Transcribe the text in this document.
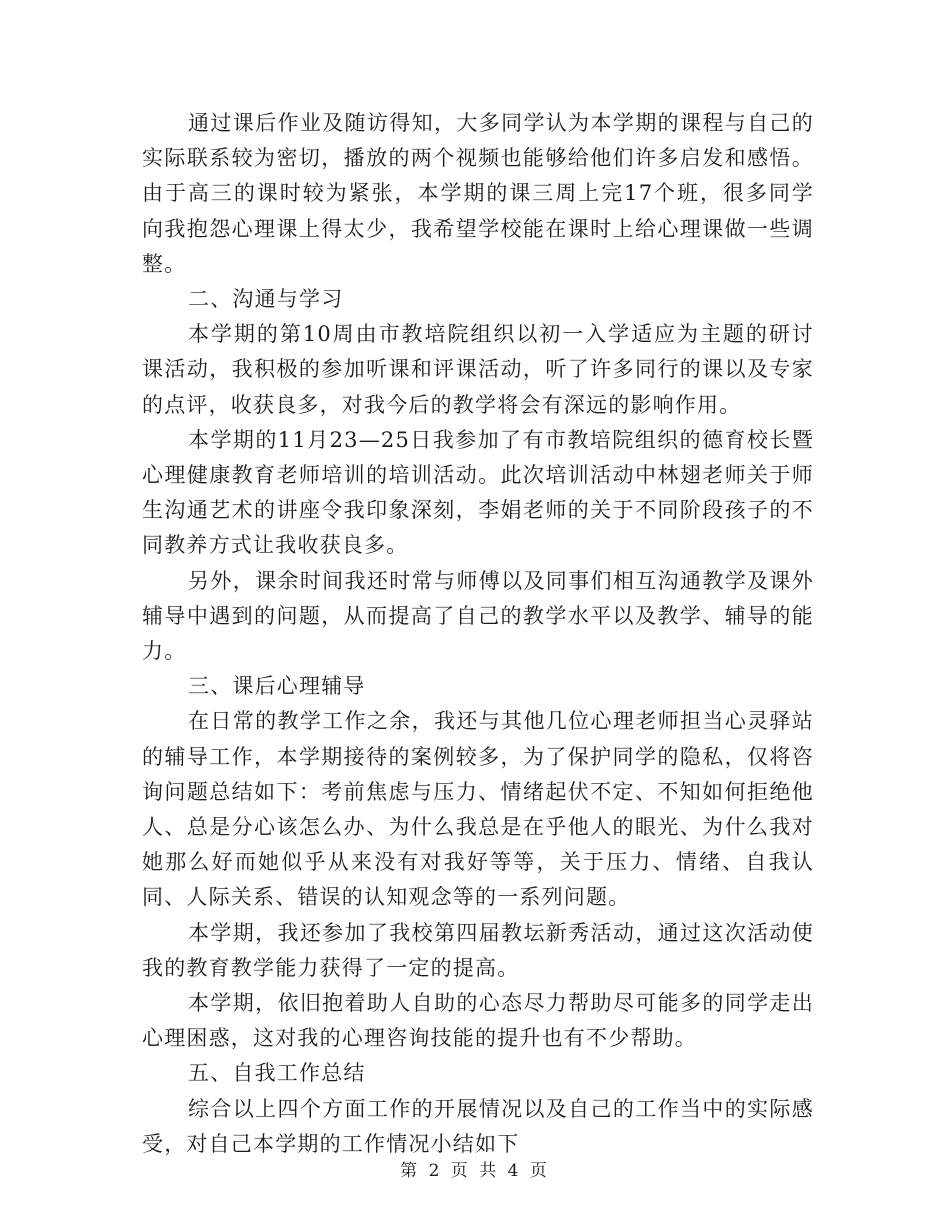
通过课后作业及随访得知，大多同学认为本学期的课程与自己的实际联系较为密切，播放的两个视频也能够给他们许多启发和感悟。由于高三的课时较为紧张，本学期的课三周上完17个班，很多同学向我抱怨心理课上得太少，我希望学校能在课时上给心理课做一些调整。

二、沟通与学习

本学期的第10周由市教培院组织以初一入学适应为主题的研讨课活动，我积极的参加听课和评课活动，听了许多同行的课以及专家的点评，收获良多，对我今后的教学将会有深远的影响作用。

本学期的11月23—25日我参加了有市教培院组织的德育校长暨心理健康教育老师培训的培训活动。此次培训活动中林翅老师关于师生沟通艺术的讲座令我印象深刻，李娟老师的关于不同阶段孩子的不同教养方式让我收获良多。

另外，课余时间我还时常与师傅以及同事们相互沟通教学及课外辅导中遇到的问题，从而提高了自己的教学水平以及教学、辅导的能力。

三、课后心理辅导

在日常的教学工作之余，我还与其他几位心理老师担当心灵驿站的辅导工作，本学期接待的案例较多，为了保护同学的隐私，仅将咨询问题总结如下：考前焦虑与压力、情绪起伏不定、不知如何拒绝他人、总是分心该怎么办、为什么我总是在乎他人的眼光、为什么我对她那么好而她似乎从来没有对我好等等，关于压力、情绪、自我认同、人际关系、错误的认知观念等的一系列问题。

本学期，我还参加了我校第四届教坛新秀活动，通过这次活动使我的教育教学能力获得了一定的提高。

本学期，依旧抱着助人自助的心态尽力帮助尽可能多的同学走出心理困惑，这对我的心理咨询技能的提升也有不少帮助。

五、自我工作总结

综合以上四个方面工作的开展情况以及自己的工作当中的实际感受，对自己本学期的工作情况小结如下

第 2 页 共 4 页
